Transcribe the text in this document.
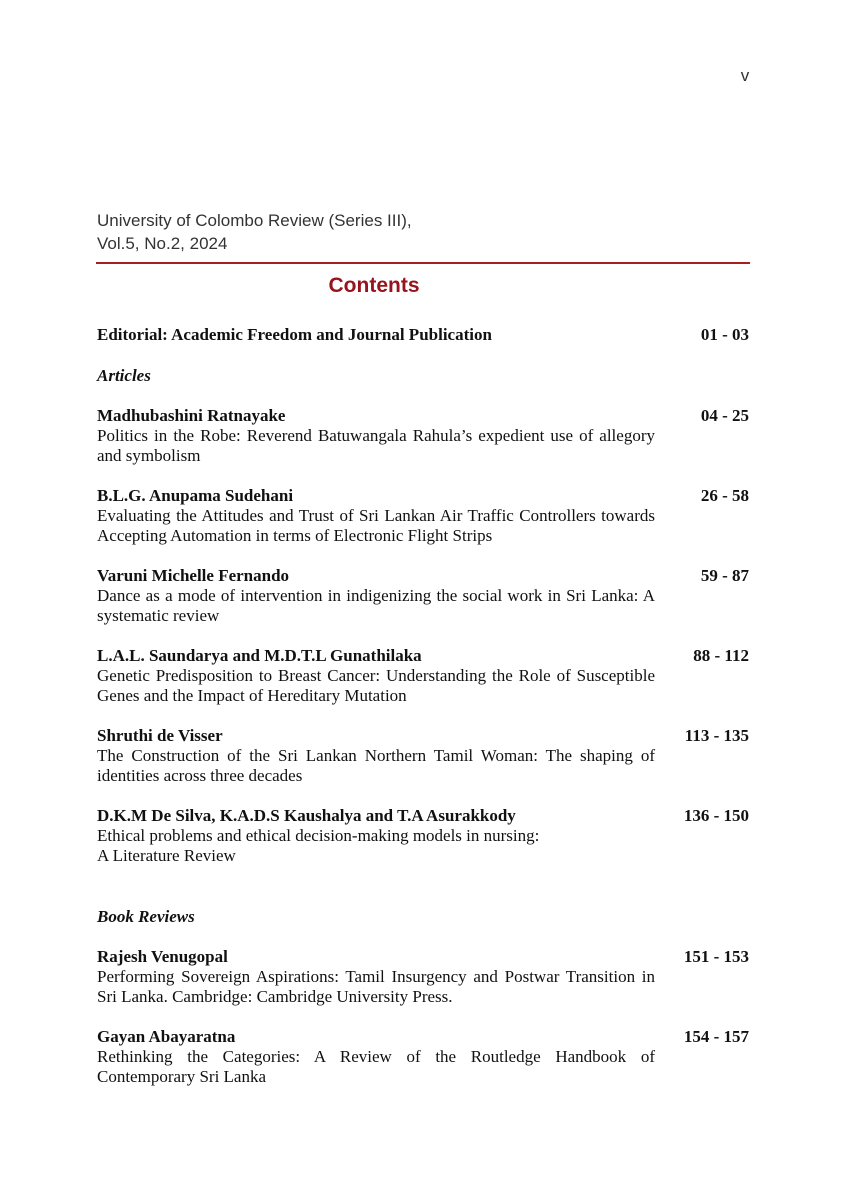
v
University of Colombo Review (Series III),
Vol.5, No.2, 2024
Contents
Editorial: Academic Freedom and Journal Publication	01 - 03
Articles
Madhubashini Ratnayake
Politics in the Robe: Reverend Batuwangala Rahula’s expedient use of allegory and symbolism
04 - 25
B.L.G. Anupama Sudehani
Evaluating the Attitudes and Trust of Sri Lankan Air Traffic Controllers towards Accepting Automation in terms of Electronic Flight Strips
26 - 58
Varuni Michelle Fernando
Dance as a mode of intervention in indigenizing the social work in Sri Lanka: A systematic review
59 - 87
L.A.L. Saundarya and M.D.T.L Gunathilaka
Genetic Predisposition to Breast Cancer: Understanding the Role of Susceptible Genes and the Impact of Hereditary Mutation
88 - 112
Shruthi de Visser
The Construction of the Sri Lankan Northern Tamil Woman: The shaping of identities across three decades
113 - 135
D.K.M De Silva, K.A.D.S Kaushalya and T.A Asurakkody
Ethical problems and ethical decision-making models in nursing:
A Literature Review
136 - 150
Book Reviews
Rajesh Venugopal
Performing Sovereign Aspirations: Tamil Insurgency and Postwar Transition in Sri Lanka. Cambridge: Cambridge University Press.
151 - 153
Gayan Abayaratna
Rethinking the Categories: A Review of the Routledge Handbook of Contemporary Sri Lanka
154 - 157
